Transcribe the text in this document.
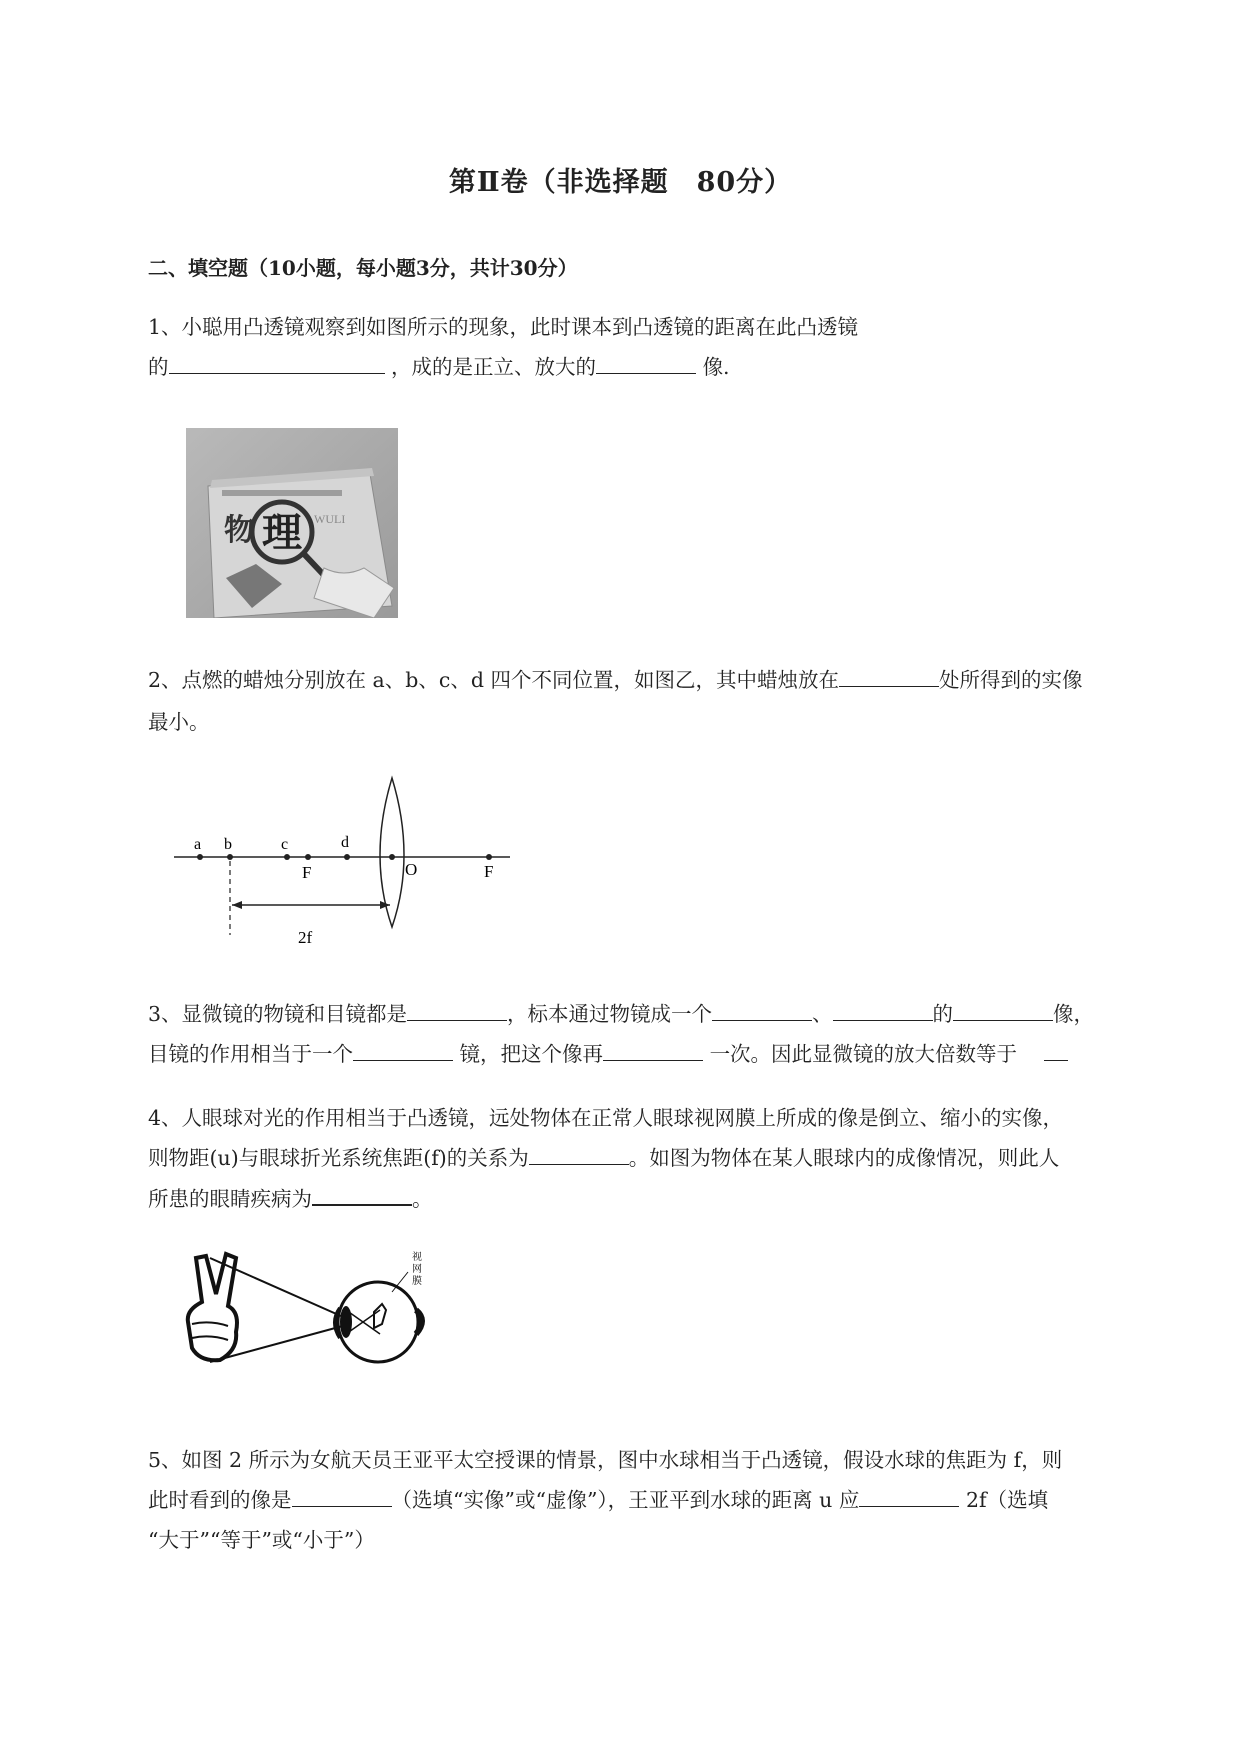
第Ⅱ卷（非选择题　80分）
二、填空题（10小题，每小题3分，共计30分）
1、小聪用凸透镜观察到如图所示的现象，此时课本到凸透镜的距离在此凸透镜
的	，成的是正立、放大的	像.
物 理 WULI
2、点燃的蜡烛分别放在 a、b、c、d 四个不同位置，如图乙，其中蜡烛放在	处所得到的实像
最小。
a b	c	d
F	O	F
2f
3、显微镜的物镜和目镜都是	，标本通过物镜成一个	、	的	像，
目镜的作用相当于一个	镜，把这个像再	一次。因此显微镜的放大倍数等于
4、人眼球对光的作用相当于凸透镜，远处物体在正常人眼球视网膜上所成的像是倒立、缩小的实像，
则物距(u)与眼球折光系统焦距(f)的关系为	。如图为物体在某人眼球内的成像情况，则此人
所患的眼睛疾病为	。
视
网
膜
5、如图 2 所示为女航天员王亚平太空授课的情景，图中水球相当于凸透镜，假设水球的焦距为 f，则
此时看到的像是	（选填“实像”或“虚像”），王亚平到水球的距离 u 应	2f（选填
“大于”“等于”或“小于”）
